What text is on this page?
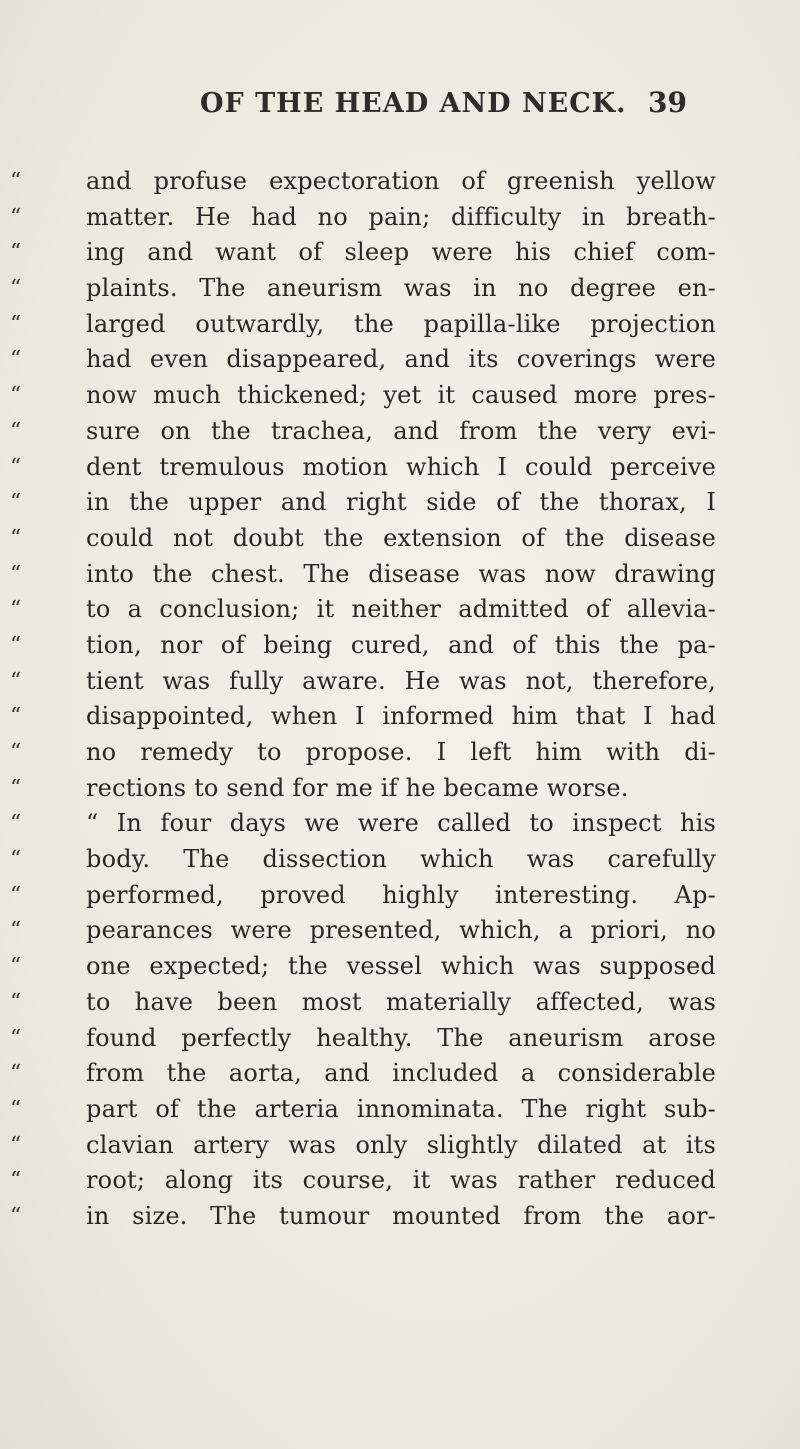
OF THE HEAD AND NECK. 39
“	and profuse expectoration of greenish yellow
“	matter. He had no pain; difficulty in breath-
“	ing and want of sleep were his chief com-
“	plaints. The aneurism was in no degree en-
“	larged outwardly, the papilla-like projection
“	had even disappeared, and its coverings were
“	now much thickened; yet it caused more pres-
“	sure on the trachea, and from the very evi-
“	dent tremulous motion which I could perceive
“	in the upper and right side of the thorax, I
“	could not doubt the extension of the disease
“	into the chest. The disease was now drawing
“	to a conclusion; it neither admitted of allevia-
“	tion, nor of being cured, and of this the pa-
“	tient was fully aware. He was not, therefore,
“	disappointed, when I informed him that I had
“	no remedy to propose. I left him with di-
“	rections to send for me if he became worse.
“	“ In four days we were called to inspect his
“	body. The dissection which was carefully
“	performed, proved highly interesting. Ap-
“	pearances were presented, which, a priori, no
“	one expected; the vessel which was supposed
“	to have been most materially affected, was
“	found perfectly healthy. The aneurism arose
“	from the aorta, and included a considerable
“	part of the arteria innominata. The right sub-
“	clavian artery was only slightly dilated at its
“	root; along its course, it was rather reduced
“	in size. The tumour mounted from the aor-
